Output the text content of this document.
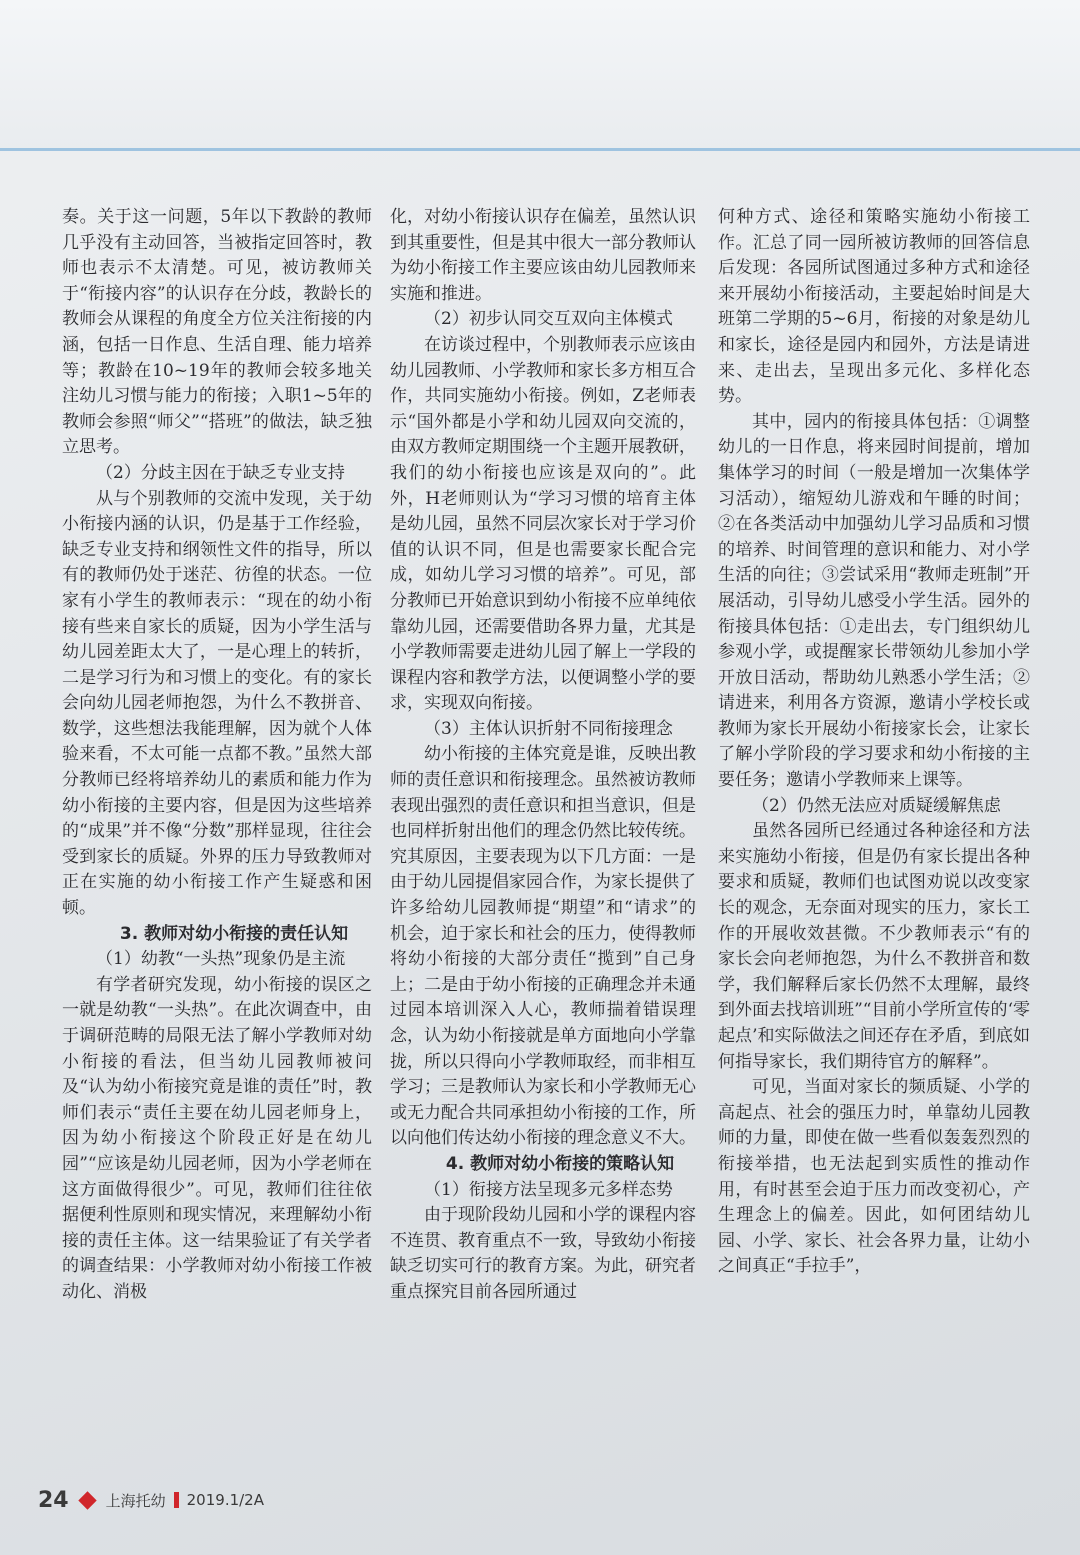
奏。关于这一问题，5年以下教龄的教师几乎没有主动回答，当被指定回答时，教师也表示不太清楚。可见，被访教师关于“衔接内容”的认识存在分歧，教龄长的教师会从课程的角度全方位关注衔接的内涵，包括一日作息、生活自理、能力培养等；教龄在10~19年的教师会较多地关注幼儿习惯与能力的衔接；入职1~5年的教师会参照“师父”“搭班”的做法，缺乏独立思考。

（2）分歧主因在于缺乏专业支持

从与个别教师的交流中发现，关于幼小衔接内涵的认识，仍是基于工作经验，缺乏专业支持和纲领性文件的指导，所以有的教师仍处于迷茫、彷徨的状态。一位家有小学生的教师表示：“现在的幼小衔接有些来自家长的质疑，因为小学生活与幼儿园差距太大了，一是心理上的转折，二是学习行为和习惯上的变化。有的家长会向幼儿园老师抱怨，为什么不教拼音、数学，这些想法我能理解，因为就个人体验来看，不太可能一点都不教。”虽然大部分教师已经将培养幼儿的素质和能力作为幼小衔接的主要内容，但是因为这些培养的“成果”并不像“分数”那样显现，往往会受到家长的质疑。外界的压力导致教师对正在实施的幼小衔接工作产生疑惑和困顿。

3. 教师对幼小衔接的责任认知

（1）幼教“一头热”现象仍是主流

有学者研究发现，幼小衔接的误区之一就是幼教“一头热”。在此次调查中，由于调研范畴的局限无法了解小学教师对幼小衔接的看法，但当幼儿园教师被问及“认为幼小衔接究竟是谁的责任”时，教师们表示“责任主要在幼儿园老师身上，因为幼小衔接这个阶段正好是在幼儿园”“应该是幼儿园老师，因为小学老师在这方面做得很少”。可见，教师们往往依据便利性原则和现实情况，来理解幼小衔接的责任主体。这一结果验证了有关学者的调查结果：小学教师对幼小衔接工作被动化、消极

化，对幼小衔接认识存在偏差，虽然认识到其重要性，但是其中很大一部分教师认为幼小衔接工作主要应该由幼儿园教师来实施和推进。

（2）初步认同交互双向主体模式

在访谈过程中，个别教师表示应该由幼儿园教师、小学教师和家长多方相互合作，共同实施幼小衔接。例如，Z老师表示“国外都是小学和幼儿园双向交流的，由双方教师定期围绕一个主题开展教研，我们的幼小衔接也应该是双向的”。此外，H老师则认为“学习习惯的培育主体是幼儿园，虽然不同层次家长对于学习价值的认识不同，但是也需要家长配合完成，如幼儿学习习惯的培养”。可见，部分教师已开始意识到幼小衔接不应单纯依靠幼儿园，还需要借助各界力量，尤其是小学教师需要走进幼儿园了解上一学段的课程内容和教学方法，以便调整小学的要求，实现双向衔接。

（3）主体认识折射不同衔接理念

幼小衔接的主体究竟是谁，反映出教师的责任意识和衔接理念。虽然被访教师表现出强烈的责任意识和担当意识，但是也同样折射出他们的理念仍然比较传统。究其原因，主要表现为以下几方面：一是由于幼儿园提倡家园合作，为家长提供了许多给幼儿园教师提“期望”和“请求”的机会，迫于家长和社会的压力，使得教师将幼小衔接的大部分责任“揽到”自己身上；二是由于幼小衔接的正确理念并未通过园本培训深入人心，教师揣着错误理念，认为幼小衔接就是单方面地向小学靠拢，所以只得向小学教师取经，而非相互学习；三是教师认为家长和小学教师无心或无力配合共同承担幼小衔接的工作，所以向他们传达幼小衔接的理念意义不大。

4. 教师对幼小衔接的策略认知

（1）衔接方法呈现多元多样态势

由于现阶段幼儿园和小学的课程内容不连贯、教育重点不一致，导致幼小衔接缺乏切实可行的教育方案。为此，研究者重点探究目前各园所通过

何种方式、途径和策略实施幼小衔接工作。汇总了同一园所被访教师的回答信息后发现：各园所试图通过多种方式和途径来开展幼小衔接活动，主要起始时间是大班第二学期的5~6月，衔接的对象是幼儿和家长，途径是园内和园外，方法是请进来、走出去，呈现出多元化、多样化态势。

其中，园内的衔接具体包括：①调整幼儿的一日作息，将来园时间提前，增加集体学习的时间（一般是增加一次集体学习活动），缩短幼儿游戏和午睡的时间；②在各类活动中加强幼儿学习品质和习惯的培养、时间管理的意识和能力、对小学生活的向往；③尝试采用“教师走班制”开展活动，引导幼儿感受小学生活。园外的衔接具体包括：①走出去，专门组织幼儿参观小学，或提醒家长带领幼儿参加小学开放日活动，帮助幼儿熟悉小学生活；②请进来，利用各方资源，邀请小学校长或教师为家长开展幼小衔接家长会，让家长了解小学阶段的学习要求和幼小衔接的主要任务；邀请小学教师来上课等。

（2）仍然无法应对质疑缓解焦虑

虽然各园所已经通过各种途径和方法来实施幼小衔接，但是仍有家长提出各种要求和质疑，教师们也试图劝说以改变家长的观念，无奈面对现实的压力，家长工作的开展收效甚微。不少教师表示“有的家长会向老师抱怨，为什么不教拼音和数学，我们解释后家长仍然不太理解，最终到外面去找培训班”“目前小学所宣传的‘零起点’和实际做法之间还存在矛盾，到底如何指导家长，我们期待官方的解释”。

可见，当面对家长的频质疑、小学的高起点、社会的强压力时，单靠幼儿园教师的力量，即使在做一些看似轰轰烈烈的衔接举措，也无法起到实质性的推动作用，有时甚至会迫于压力而改变初心，产生理念上的偏差。因此，如何团结幼儿园、小学、家长、社会各界力量，让幼小之间真正“手拉手”，

24 上海托幼 2019.1/2A
